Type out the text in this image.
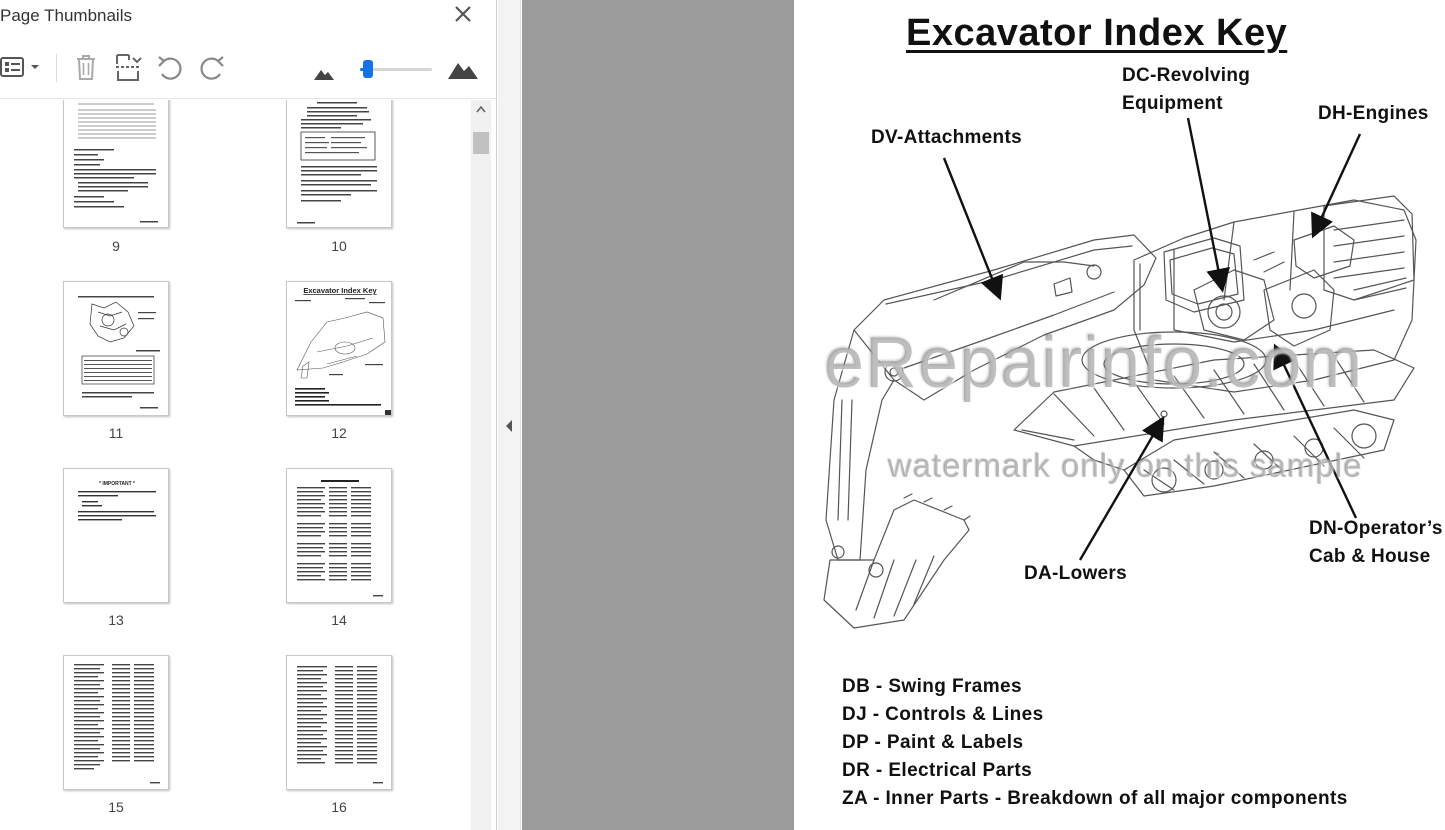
Page Thumbnails
9	10
11
Excavator Index Key
12
* IMPORTANT *
13	14
15	16
Excavator Index Key
DC-Revolving
Equipment
DV-Attachments
DH-Engines
DN-Operator’s
Cab & House
DA-Lowers
eRepairinfo.com
watermark only on this sample
DB - Swing Frames
DJ - Controls & Lines
DP - Paint & Labels
DR - Electrical Parts
ZA - Inner Parts - Breakdown of all major components
